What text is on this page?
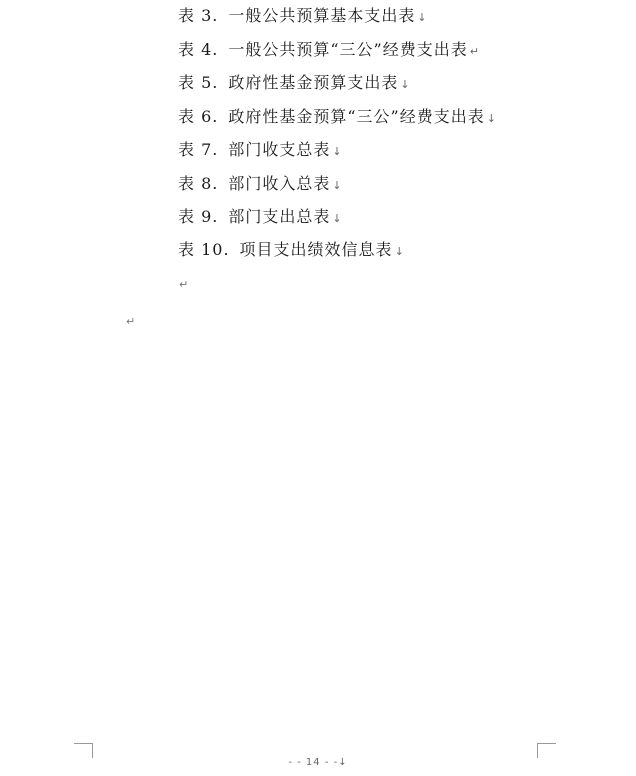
表 3. 一般公共预算基本支出表 ↓
表 4. 一般公共预算“三公”经费支出表 ↵
表 5. 政府性基金预算支出表 ↓
表 6. 政府性基金预算“三公”经费支出表 ↓
表 7. 部门收支总表 ↓
表 8. 部门收入总表 ↓
表 9. 部门支出总表 ↓
表 10. 项目支出绩效信息表 ↓
↵
↵
- - 14 - -↓
